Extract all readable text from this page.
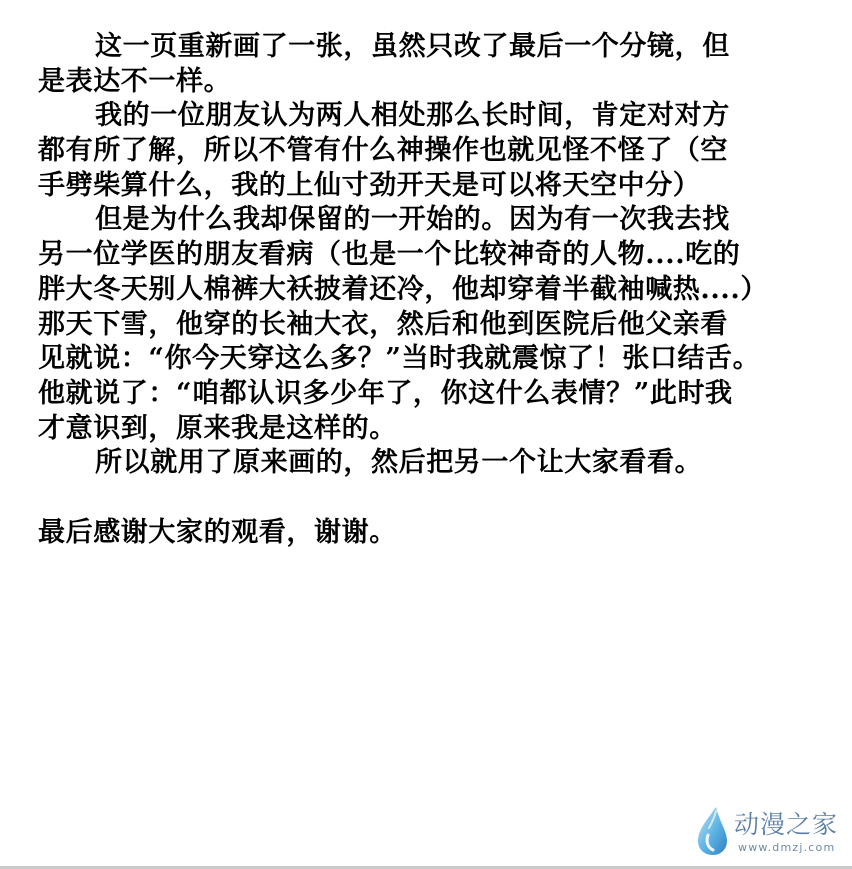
这一页重新画了一张，虽然只改了最后一个分镜，但
是表达不一样。
我的一位朋友认为两人相处那么长时间，肯定对对方
都有所了解，所以不管有什么神操作也就见怪不怪了（空
手劈柴算什么，我的上仙寸劲开天是可以将天空中分）
但是为什么我却保留的一开始的。因为有一次我去找
另一位学医的朋友看病（也是一个比较神奇的人物....吃的
胖大冬天别人棉裤大袄披着还冷，他却穿着半截袖喊热....）
那天下雪，他穿的长袖大衣，然后和他到医院后他父亲看
见就说：“你今天穿这么多？”当时我就震惊了！张口结舌。
他就说了：“咱都认识多少年了，你这什么表情？”此时我
才意识到，原来我是这样的。
所以就用了原来画的，然后把另一个让大家看看。
最后感谢大家的观看，谢谢。
动漫之家
www.dmzj.com
